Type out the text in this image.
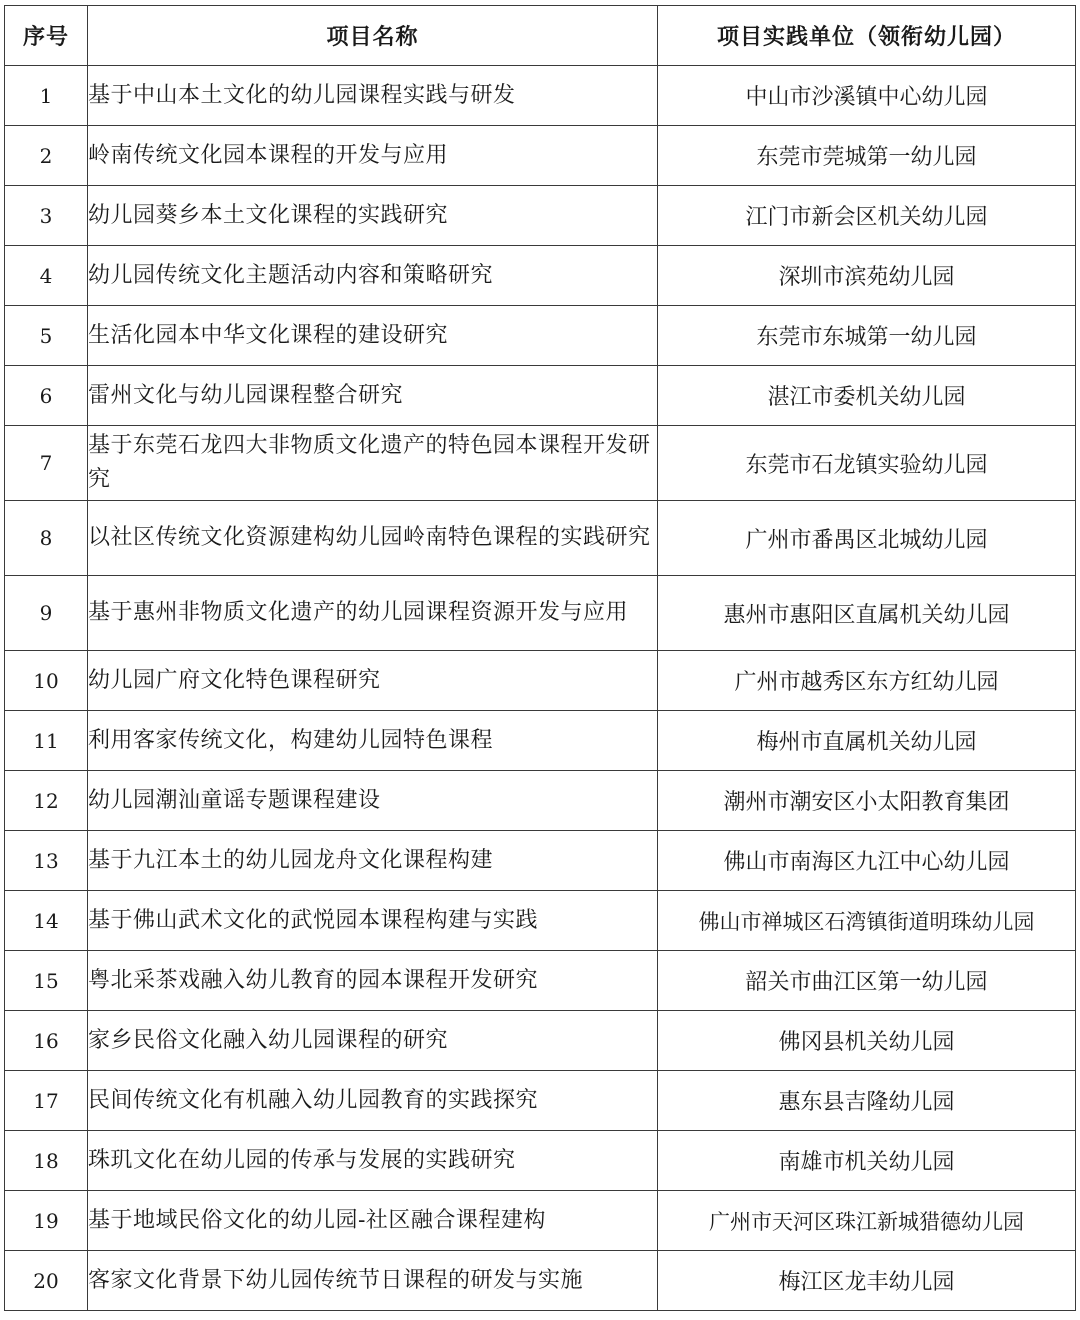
序号	项目名称	项目实践单位（领衔幼儿园）
1	基于中山本土文化的幼儿园课程实践与研发	中山市沙溪镇中心幼儿园
2	岭南传统文化园本课程的开发与应用	东莞市莞城第一幼儿园
3	幼儿园葵乡本土文化课程的实践研究	江门市新会区机关幼儿园
4	幼儿园传统文化主题活动内容和策略研究	深圳市滨苑幼儿园
5	生活化园本中华文化课程的建设研究	东莞市东城第一幼儿园
6	雷州文化与幼儿园课程整合研究	湛江市委机关幼儿园
7	基于东莞石龙四大非物质文化遗产的特色园本课程开发研究	东莞市石龙镇实验幼儿园
8	以社区传统文化资源建构幼儿园岭南特色课程的实践研究	广州市番禺区北城幼儿园
9	基于惠州非物质文化遗产的幼儿园课程资源开发与应用	惠州市惠阳区直属机关幼儿园
10	幼儿园广府文化特色课程研究	广州市越秀区东方红幼儿园
11	利用客家传统文化，构建幼儿园特色课程	梅州市直属机关幼儿园
12	幼儿园潮汕童谣专题课程建设	潮州市潮安区小太阳教育集团
13	基于九江本土的幼儿园龙舟文化课程构建	佛山市南海区九江中心幼儿园
14	基于佛山武术文化的武悦园本课程构建与实践	佛山市禅城区石湾镇街道明珠幼儿园
15	粤北采茶戏融入幼儿教育的园本课程开发研究	韶关市曲江区第一幼儿园
16	家乡民俗文化融入幼儿园课程的研究	佛冈县机关幼儿园
17	民间传统文化有机融入幼儿园教育的实践探究	惠东县吉隆幼儿园
18	珠玑文化在幼儿园的传承与发展的实践研究	南雄市机关幼儿园
19	基于地域民俗文化的幼儿园-社区融合课程建构	广州市天河区珠江新城猎德幼儿园
20	客家文化背景下幼儿园传统节日课程的研发与实施	梅江区龙丰幼儿园
